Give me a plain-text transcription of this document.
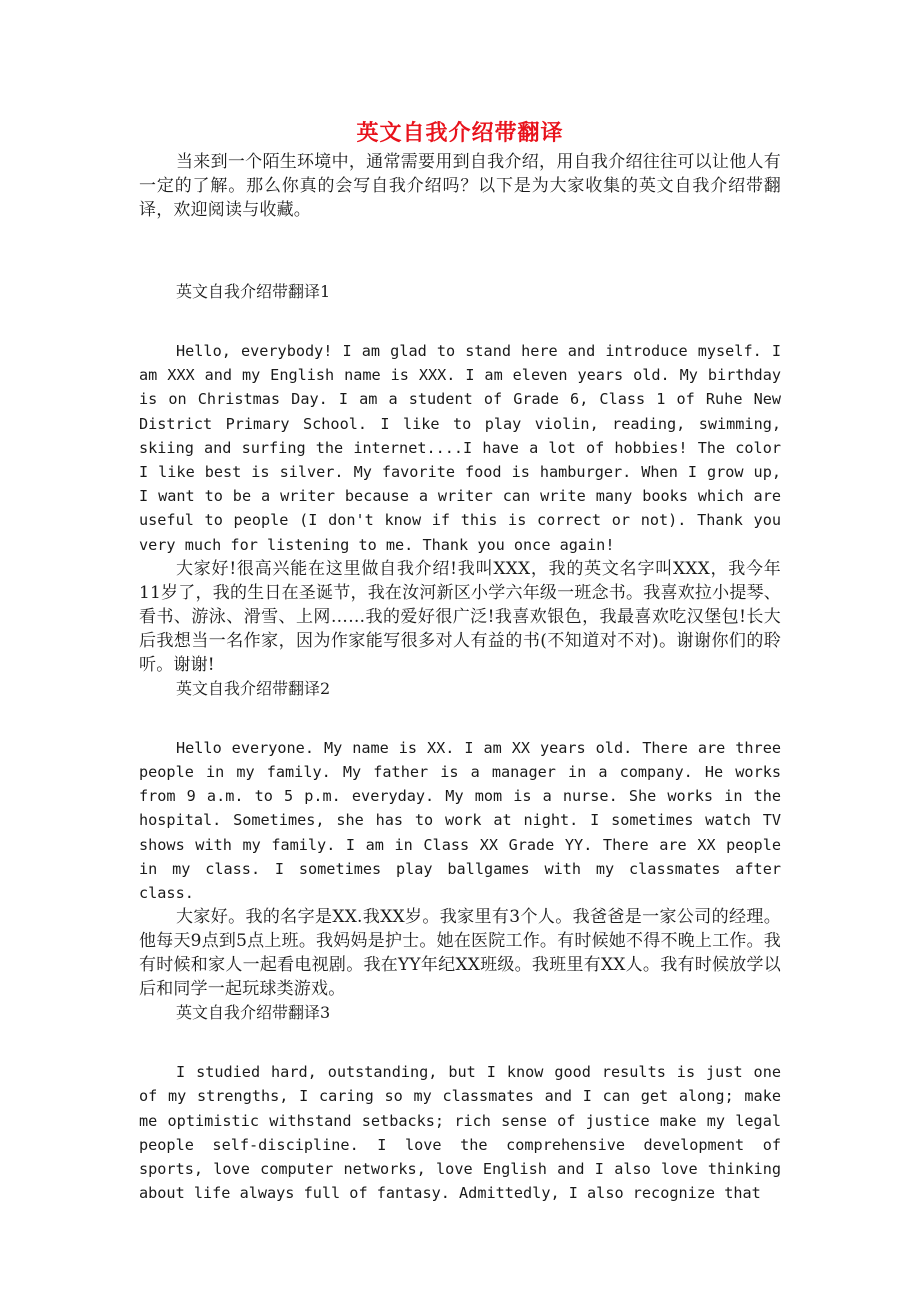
英文自我介绍带翻译

当来到一个陌生环境中，通常需要用到自我介绍，用自我介绍往往可以让他人有一定的了解。那么你真的会写自我介绍吗？以下是为大家收集的英文自我介绍带翻译，欢迎阅读与收藏。

英文自我介绍带翻译1

Hello, everybody! I am glad to stand here and introduce myself. I am XXX and my English name is XXX. I am eleven years old. My birthday is on Christmas Day. I am a student of Grade 6, Class 1 of Ruhe New District Primary School. I like to play violin, reading, swimming, skiing and surfing the internet....I have a lot of hobbies! The color I like best is silver. My favorite food is hamburger. When I grow up, I want to be a writer because a writer can write many books which are useful to people (I don't know if this is correct or not). Thank you very much for listening to me. Thank you once again!

大家好!很高兴能在这里做自我介绍!我叫XXX，我的英文名字叫XXX，我今年11岁了，我的生日在圣诞节，我在汝河新区小学六年级一班念书。我喜欢拉小提琴、看书、游泳、滑雪、上网……我的爱好很广泛!我喜欢银色，我最喜欢吃汉堡包!长大后我想当一名作家，因为作家能写很多对人有益的书(不知道对不对)。谢谢你们的聆听。谢谢!

英文自我介绍带翻译2

Hello everyone. My name is XX. I am XX years old. There are three people in my family. My father is a manager in a company. He works from 9 a.m. to 5 p.m. everyday. My mom is a nurse. She works in the hospital. Sometimes, she has to work at night. I sometimes watch TV shows with my family. I am in Class XX Grade YY. There are XX people in my class. I sometimes play ballgames with my classmates after class.

大家好。我的名字是XX.我XX岁。我家里有3个人。我爸爸是一家公司的经理。他每天9点到5点上班。我妈妈是护士。她在医院工作。有时候她不得不晚上工作。我有时候和家人一起看电视剧。我在YY年纪XX班级。我班里有XX人。我有时候放学以后和同学一起玩球类游戏。

英文自我介绍带翻译3

I studied hard, outstanding, but I know good results is just one of my strengths, I caring so my classmates and I can get along; make me optimistic withstand setbacks; rich sense of justice make my legal people self-discipline. I love the comprehensive development of sports, love computer networks, love English and I also love thinking about life always full of fantasy. Admittedly, I also recognize that
